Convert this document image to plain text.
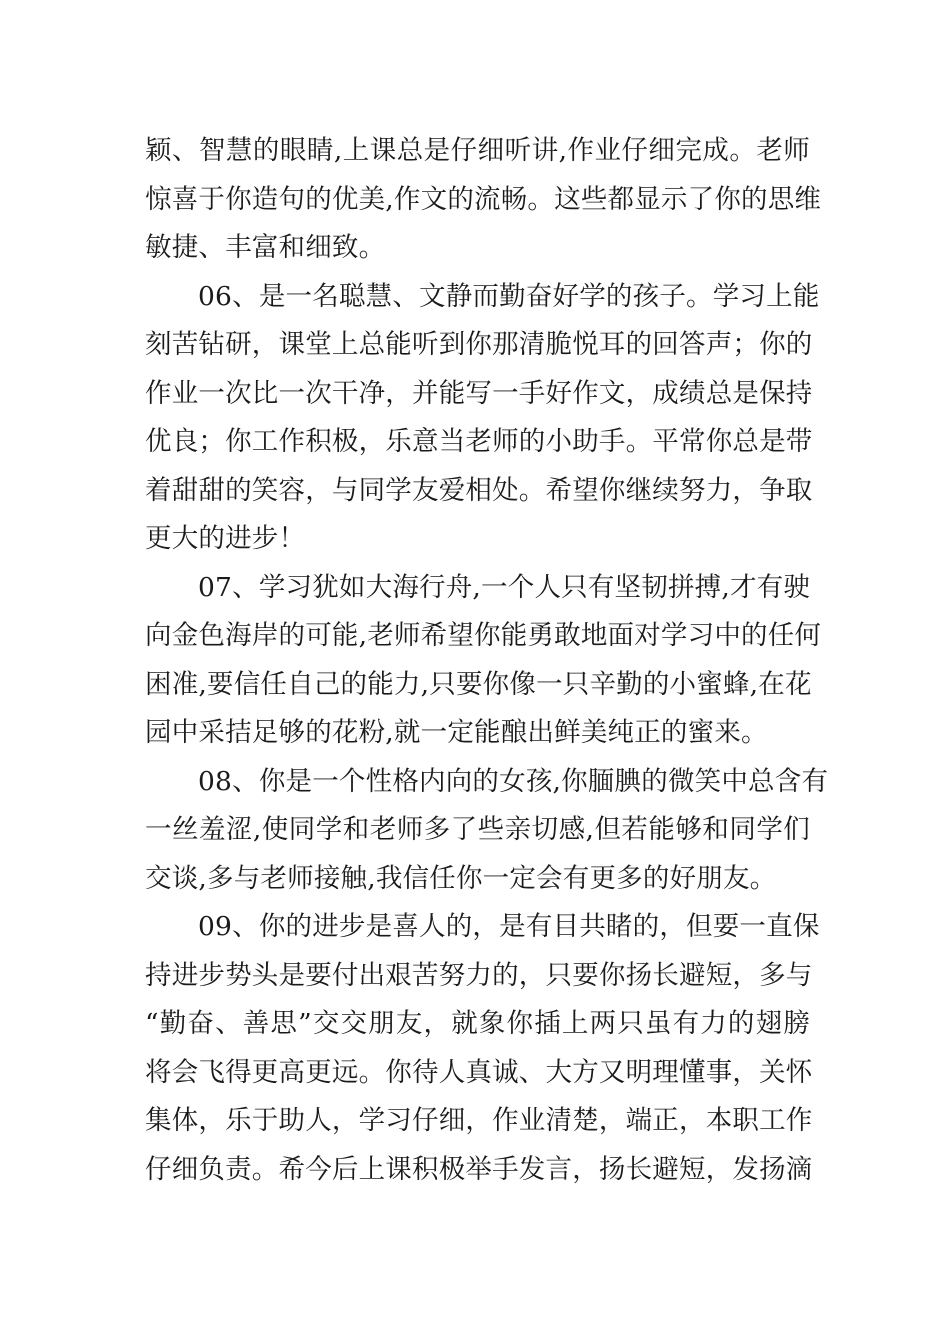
颖、智慧的眼睛,上课总是仔细听讲,作业仔细完成。老师
惊喜于你造句的优美,作文的流畅。这些都显示了你的思维
敏捷、丰富和细致。

06、是一名聪慧、文静而勤奋好学的孩子。学习上能
刻苦钻研，课堂上总能听到你那清脆悦耳的回答声；你的
作业一次比一次干净，并能写一手好作文，成绩总是保持
优良；你工作积极，乐意当老师的小助手。平常你总是带
着甜甜的笑容，与同学友爱相处。希望你继续努力，争取
更大的进步！

07、学习犹如大海行舟,一个人只有坚韧拼搏,才有驶
向金色海岸的可能,老师希望你能勇敢地面对学习中的任何
困准,要信任自己的能力,只要你像一只辛勤的小蜜蜂,在花
园中采拮足够的花粉,就一定能酿出鲜美纯正的蜜来。

08、你是一个性格内向的女孩,你腼腆的微笑中总含有
一丝羞涩,使同学和老师多了些亲切感,但若能够和同学们
交谈,多与老师接触,我信任你一定会有更多的好朋友。

09、你的进步是喜人的，是有目共睹的，但要一直保
持进步势头是要付出艰苦努力的，只要你扬长避短，多与
“勤奋、善思”交交朋友，就象你插上两只虽有力的翅膀
将会飞得更高更远。你待人真诚、大方又明理懂事，关怀
集体，乐于助人，学习仔细，作业清楚，端正，本职工作
仔细负责。希今后上课积极举手发言，扬长避短，发扬滴
